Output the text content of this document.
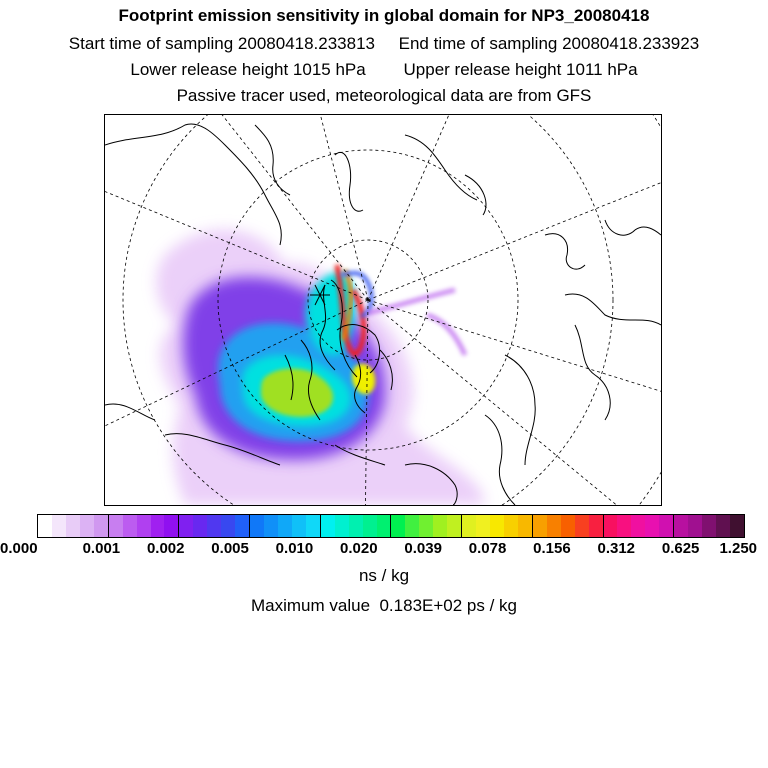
Footprint emission sensitivity in global domain for NP3_20080418
Start time of sampling 20080418.233813     End time of sampling 20080418.233923
Lower release height 1015 hPa        Upper release height 1011 hPa
Passive tracer used, meteorological data are from GFS
0.000	0.001 0.002 0.005 0.010 0.020 0.039 0.078 0.156 0.312 0.625 1.250
ns / kg
Maximum value  0.183E+02 ps / kg
